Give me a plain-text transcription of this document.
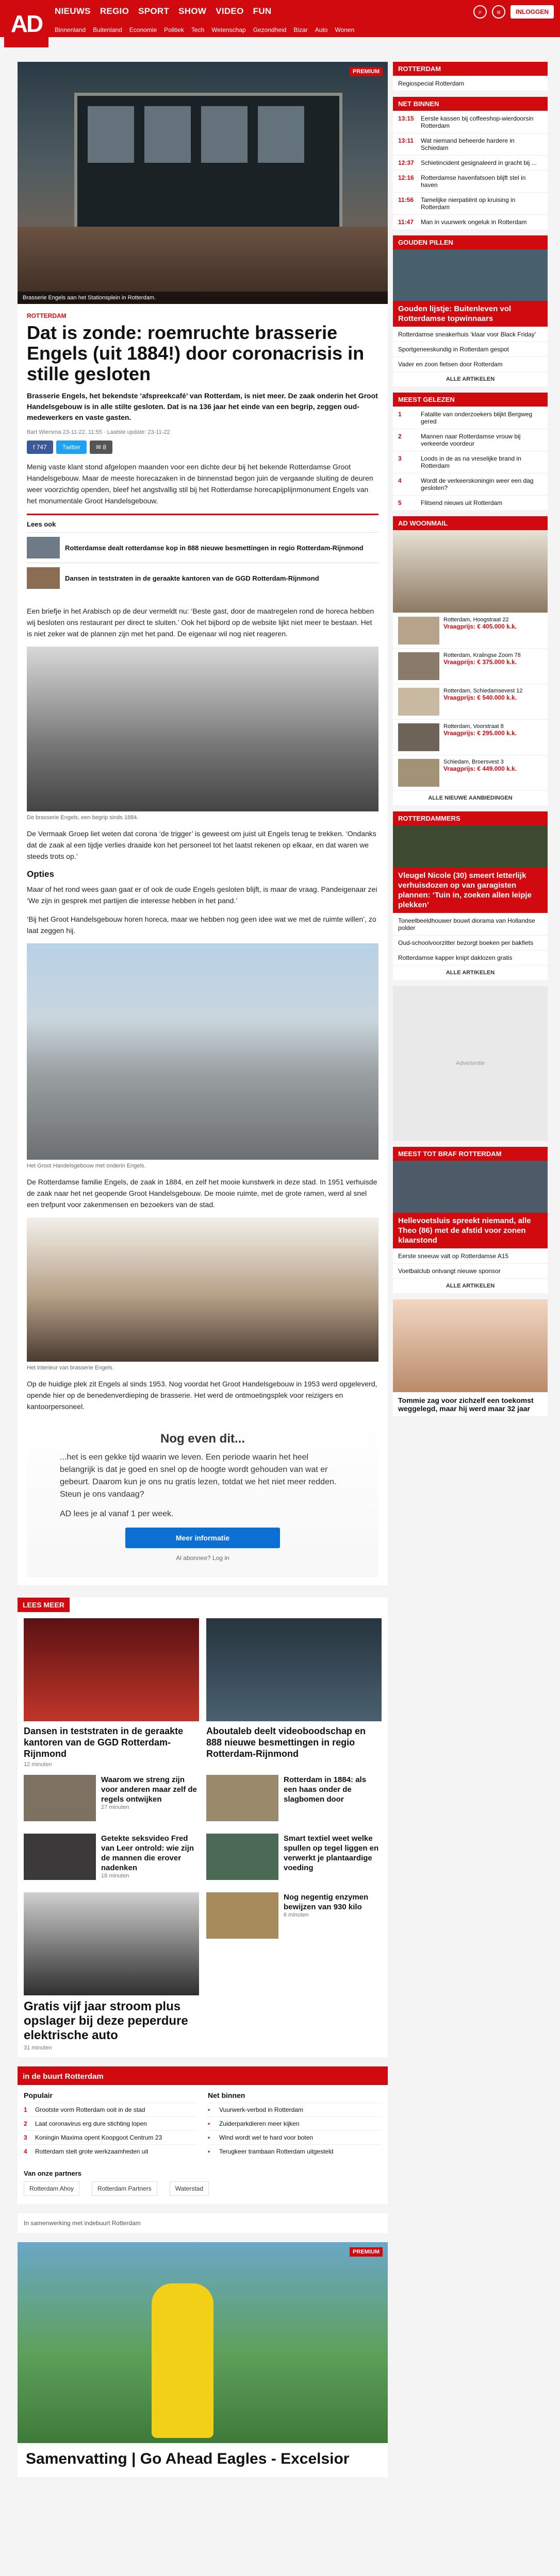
AD	NIEUWS REGIO SPORT SHOW VIDEO FUN	⌕	≡	INLOGGEN
Binnenland Buitenland Economie Politiek Tech Wetenschap Gezondheid Bizar Auto Wonen
PREMIUM
Brasserie Engels aan het Stationsplein in Rotterdam.
ROTTERDAM
Dat is zonde: roemruchte brasserie Engels (uit 1884!) door coronacrisis in stille gesloten

Brasserie Engels, het bekendste ‘afspreekcafé’ van Rotterdam, is niet meer. De zaak onderin het Groot Handelsgebouw is in alle stilte gesloten. Dat is na 136 jaar het einde van een begrip, zeggen oud-medewerkers en vaste gasten.

Bart Wiersma 23-11-22, 11:55 · Laatste update: 23-11-22
f 747	Twitter	✉ 8

Menig vaste klant stond afgelopen maanden voor een dichte deur bij het bekende Rotterdamse Groot Handelsgebouw. Maar de meeste horecazaken in de binnenstad begon juin de vergaande sluiting de deuren weer voorzichtig openden, bleef het angstvallig stil bij het Rotterdamse horecapijplijnmonument Engels van het monumentale Groot Handelsgebouw.

Lees ook
Rotterdamse dealt rotterdamse kop in 888 nieuwe besmettingen in regio Rotterdam-Rijnmond
Dansen in teststraten in de geraakte kantoren van de GGD Rotterdam-Rijnmond

Een briefje in het Arabisch op de deur vermeldt nu: ‘Beste gast, door de maatregelen rond de horeca hebben wij besloten ons restaurant per direct te sluiten.’ Ook het bijbord op de website lijkt niet meer te bestaan. Het is niet zeker wat de plannen zijn met het pand. De eigenaar wil nog niet reageren.

De brasserie Engels, een begrip sinds 1884.

De Vermaak Groep liet weten dat corona ‘de trigger’ is geweest om juist uit Engels terug te trekken. ‘Ondanks dat de zaak al een tijdje verlies draaide kon het personeel tot het laatst rekenen op elkaar, en dat waren we steeds trots op.’

Opties

Maar of het rond wees gaan gaat er of ook de oude Engels gesloten blijft, is maar de vraag. Pandeigenaar zei ‘We zijn in gesprek met partijen die interesse hebben in het pand.’

‘Bij het Groot Handelsgebouw horen horeca, maar we hebben nog geen idee wat we met de ruimte willen’, zo laat zeggen hij.

Het Groot Handelsgebouw met onderin Engels.

De Rotterdamse familie Engels, de zaak in 1884, en zelf het mooie kunstwerk in deze stad. In 1951 verhuisde de zaak naar het net geopende Groot Handelsgebouw. De mooie ruimte, met de grote ramen, werd al snel een trefpunt voor zakenmensen en bezoekers van de stad.

Het interieur van brasserie Engels.

Op de huidige plek zit Engels al sinds 1953. Nog voordat het Groot Handelsgebouw in 1953 werd opgeleverd, opende hier op de benedenverdieping de brasserie. Het werd de ontmoetingsplek voor reizigers en kantoorpersoneel.

Nog even dit...

...het is een gekke tijd waarin we leven. Een periode waarin het heel belangrijk is dat je goed en snel op de hoogte wordt gehouden van wat er gebeurt. Daarom kun je ons nu gratis lezen, totdat we het niet meer redden. Steun je ons vandaag?

AD lees je al vanaf 1 per week.

Meer informatie
Al abonnee? Log in
LEES MEER
Dansen in teststraten in de geraakte kantoren van de GGD Rotterdam-Rijnmond
12 minuten
Aboutaleb deelt videoboodschap en 888 nieuwe besmettingen in regio Rotterdam-Rijnmond
Waarom we streng zijn voor anderen maar zelf de regels ontwijken
27 minuten
Rotterdam in 1884: als een haas onder de slagbomen door
Getekte seksvideo Fred van Leer ontrold: wie zijn de mannen die erover nadenken
18 minuten
Smart textiel weet welke spullen op tegel liggen en verwerkt je plantaardige voeding
Gratis vijf jaar stroom plus opslager bij deze peperdure elektrische auto
31 minuten
Nog negentig enzymen bewijzen van 930 kilo
6 minuten
in de buurt Rotterdam
Populair
1	Grootste vorm Rotterdam ooit in de stad
2	Laat coronavirus erg dure stichting lopen
3	Koningin Maxima opent Koopgoot Centrum 23
4	Rotterdam stelt grote werkzaamheden uit
Net binnen
•	Vuurwerk-verbod in Rotterdam
•	Zuiderparkdieren meer kijken
•	Wind wordt wel te hard voor boten
•	Terugkeer trambaan Rotterdam uitgesteld
Van onze partners
Rotterdam Ahoy	Rotterdam Partners	Waterstad
In samenwerking met indebuurt Rotterdam
PREMIUM
Samenvatting | Go Ahead Eagles - Excelsior
ROTTERDAM
Regiospecial Rotterdam
NET BINNEN
13:15	Eerste kassen bij coffeeshop-wierdoorsin Rotterdam
13:11	Wat niemand beheerde hardere in Schiedam
12:37	Schietincident gesignaleerd in gracht bij ...
12:16	Rotterdamse havenfatsoen blijft stel in haven
11:56	Tamelijke nierpatiënt op kruising in Rotterdam
11:47	Man in vuurwerk ongeluk in Rotterdam
GOUDEN PILLEN
Gouden lijstje: Buitenleven vol Rotterdamse topwinnaars
Rotterdamse sneakerhuis ‘klaar voor Black Friday’
Sportgeneeskundig in Rotterdam gespot
Vader en zoon fietsen door Rotterdam
ALLE ARTIKELEN
MEEST GELEZEN
1	Fatalite van onderzoekers blijkt Bergweg gered
2	Mannen naar Rotterdamse vrouw bij verkeerde voordeur
3	Loods in de as na vreselijke brand in Rotterdam
4	Wordt de verkeerskoningin weer een dag gesloten?
5	Flitsend nieuws uit Rotterdam
AD WOONMAIL
Rotterdam, Hoogstraat 22
Vraagprijs: € 405.000 k.k.
Rotterdam, Kralingse Zoom 78
Vraagprijs: € 375.000 k.k.
Rotterdam, Schiedamsevest 12
Vraagprijs: € 540.000 k.k.
Rotterdam, Voorstraat 8
Vraagprijs: € 295.000 k.k.
Schiedam, Broersvest 3
Vraagprijs: € 449.000 k.k.
ALLE NIEUWE AANBIEDINGEN
ROTTERDAMMERS
Vleugel Nicole (30) smeert letterlijk verhuisdozen op van garagisten plannen: ‘Tuin in, zoeken allen leipje plekken’
Toneelbeeldhouwer bouwt diorama van Hollandse polder
Oud-schoolvoorzitter bezorgt boeken per bakfiets
Rotterdamse kapper knipt daklozen gratis
ALLE ARTIKELEN
Advertentie
MEEST TOT BRAF ROTTERDAM
Hellevoetsluis spreekt niemand, alle Theo (86) met de afstid voor zonen klaarstond
Eerste sneeuw valt op Rotterdamse A15
Voetbalclub ontvangt nieuwe sponsor
ALLE ARTIKELEN
Tommie zag voor zichzelf een toekomst weggelegd, maar hij werd maar 32 jaar
